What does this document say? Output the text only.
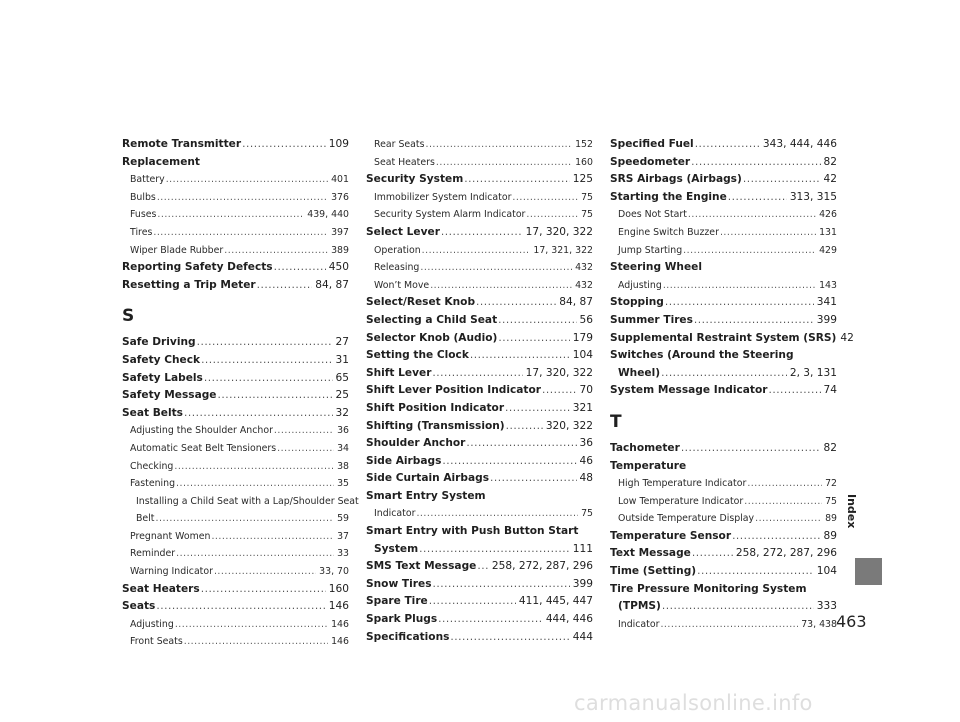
Remote Transmitter .....	109
Replacement
Battery .....	401
Bulbs .....	376
Fuses .....	439, 440
Tires .....	397
Wiper Blade Rubber .....	389
Reporting Safety Defects .....	450
Resetting a Trip Meter .....	84, 87
S
Safe Driving .....	27
Safety Check .....	31
Safety Labels .....	65
Safety Message .....	25
Seat Belts .....	32
Adjusting the Shoulder Anchor .....	36
Automatic Seat Belt Tensioners .....	34
Checking .....	38
Fastening .....	35
Installing a Child Seat with a Lap/Shoulder Seat
Belt .....	59
Pregnant Women .....	37
Reminder .....	33
Warning Indicator .....	33, 70
Seat Heaters .....	160
Seats .....	146
Adjusting .....	146
Front Seats .....	146
Rear Seats .....	152
Seat Heaters .....	160
Security System .....	125
Immobilizer System Indicator .....	75
Security System Alarm Indicator .....	75
Select Lever .....	17, 320, 322
Operation .....	17, 321, 322
Releasing .....	432
Won’t Move .....	432
Select/Reset Knob .....	84, 87
Selecting a Child Seat .....	56
Selector Knob (Audio) .....	179
Setting the Clock .....	104
Shift Lever .....	17, 320, 322
Shift Lever Position Indicator .....	70
Shift Position Indicator .....	321
Shifting (Transmission) .....	320, 322
Shoulder Anchor .....	36
Side Airbags .....	46
Side Curtain Airbags .....	48
Smart Entry System
Indicator .....	75
Smart Entry with Push Button Start
System .....	111
SMS Text Message ..... 258, 272, 287, 296
Snow Tires .....	399
Spare Tire .....	411, 445, 447
Spark Plugs .....	444, 446
Specifications .....	444
Specified Fuel .....	343, 444, 446
Speedometer .....	82
SRS Airbags (Airbags) .....	42
Starting the Engine .....	313, 315
Does Not Start .....	426
Engine Switch Buzzer .....	131
Jump Starting .....	429
Steering Wheel
Adjusting .....	143
Stopping .....	341
Summer Tires .....	399
Supplemental Restraint System (SRS) 42
Switches (Around the Steering
Wheel) .....	2, 3, 131
System Message Indicator .....	74
T
Tachometer .....	82
Temperature
High Temperature Indicator .....	72
Low Temperature Indicator .....	75
Outside Temperature Display .....	89
Temperature Sensor .....	89
Text Message .....	258, 272, 287, 296
Time (Setting) .....	104
Tire Pressure Monitoring System
(TPMS) .....	333
Indicator .....	73, 438
Index
463
carmanualsonline.info
